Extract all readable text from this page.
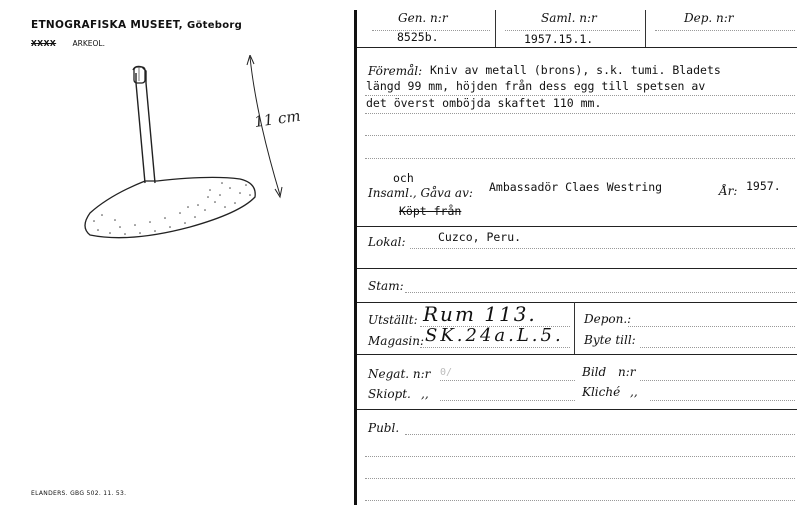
ETNOGRAFISKA MUSEET, Göteborg
XXXX ARKEOL.
11 cm
ELANDERS. GBG 502. 11. 53.
Gen. n:r
8525b.
Saml. n:r
1957.15.1.
Dep. n:r
Föremål: Kniv av metall (brons), s.k. tumi. Bladets
längd 99 mm, höjden från dess egg till spetsen av
det överst omböjda skaftet 110 mm.
och
Insaml., Gåva av:
Köpt från
Ambassadör Claes Westring	År: 1957.
Lokal:	Cuzco, Peru.
Stam:
Utställt: Rum 113.
Magasin: SK.24a.L.5.
Depon.:
Byte till:
Negat. n:r 0/	Bild n:r
Skiopt. ,,	Kliché ,,
Publ.
